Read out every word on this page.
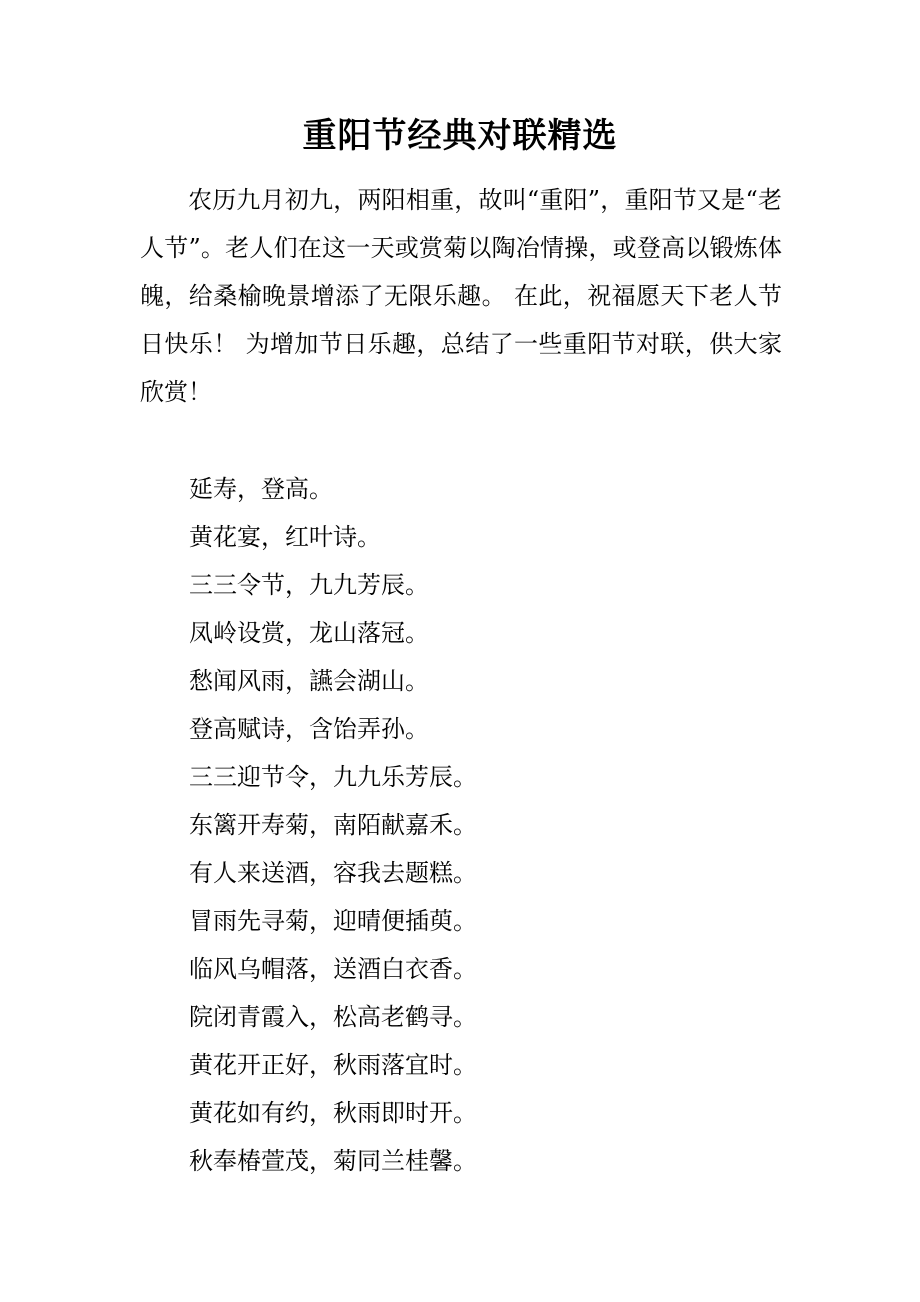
重阳节经典对联精选

农历九月初九，两阳相重，故叫“重阳”，重阳节又是“老人节”。老人们在这一天或赏菊以陶冶情操，或登高以锻炼体魄，给桑榆晚景增添了无限乐趣。 在此，祝福愿天下老人节日快乐！ 为增加节日乐趣，总结了一些重阳节对联，供大家欣赏！

延寿，登高。
黄花宴，红叶诗。
三三令节，九九芳辰。
凤岭设赏，龙山落冠。
愁闻风雨，讌会湖山。
登高赋诗，含饴弄孙。
三三迎节令，九九乐芳辰。
东篱开寿菊，南陌献嘉禾。
有人来送酒，容我去题糕。
冒雨先寻菊，迎晴便插萸。
临风乌帽落，送酒白衣香。
院闭青霞入，松高老鹤寻。
黄花开正好，秋雨落宜时。
黄花如有约，秋雨即时开。
秋奉椿萱茂，菊同兰桂馨。
